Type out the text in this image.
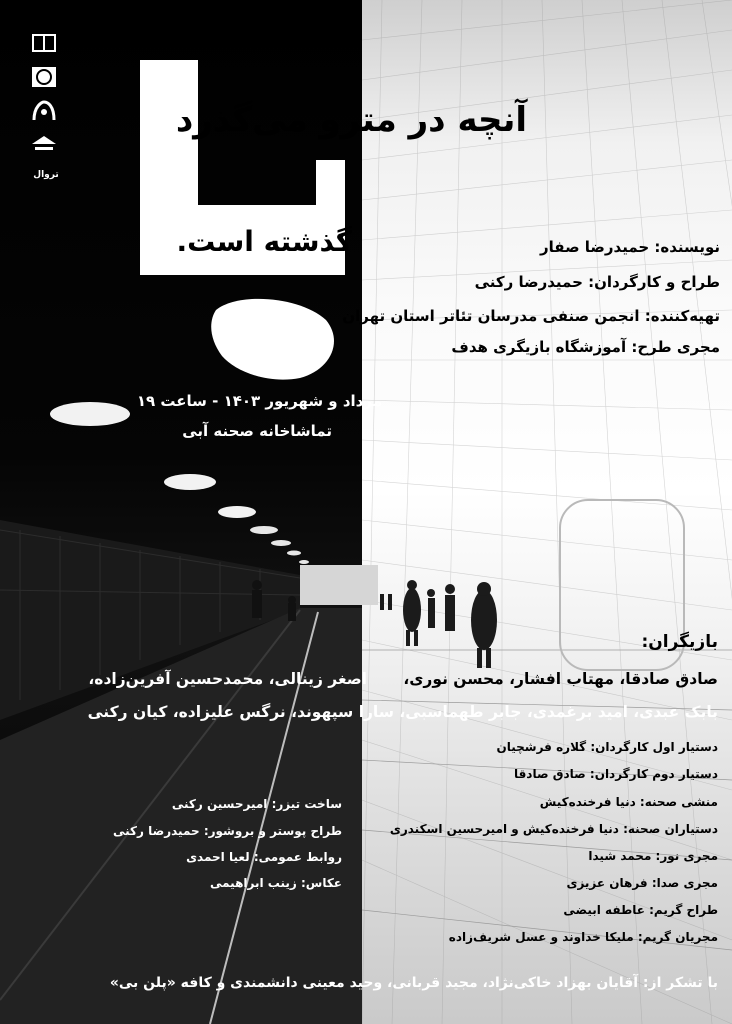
تروال

آنچه در مترو می‌گذرد

گذشته است.	نویسنده: حمیدرضا صفار

طراح و کارگردان: حمیدرضا رکنی

تهیه‌کننده: انجمن صنفی مدرسان تئاتر استان تهران

مجری طرح: آموزشگاه بازیگری هدف

مرداد و شهریور ۱۴۰۳ - ساعت ۱۹

تماشاخانه صحنه آبی

بازیگران:

صادق صادقا، مهتاب افشار، محسن نوری،

اصغر زینالی، محمدحسین آفرین‌زاده،

بابک عبدی، امید برغمدی، جابر طهماسبی، سارا سپهوند، نرگس علیزاده، کیان رکنی

دستیار اول کارگردان: گلاره فرشچیان

دستیار دوم کارگردان: صادق صادقا

منشی صحنه: دنیا فرخنده‌کیش

دستیاران صحنه: دنیا فرخنده‌کیش و امیرحسین اسکندری

مجری نور: محمد شیدا

مجری صدا: فرهان عزیزی

طراح گریم: عاطفه ابیضی

مجریان گریم: ملیکا خداوند و عسل شریف‌زاده

ساخت تیزر: امیرحسین رکنی

طراح پوستر و بروشور: حمیدرضا رکنی

روابط عمومی: لعیا احمدی

عکاس: زینب ابراهیمی

با تشکر از: آقایان بهزاد خاکی‌نژاد، مجید قربانی، وحید معینی دانشمندی و کافه «پلن بی»
